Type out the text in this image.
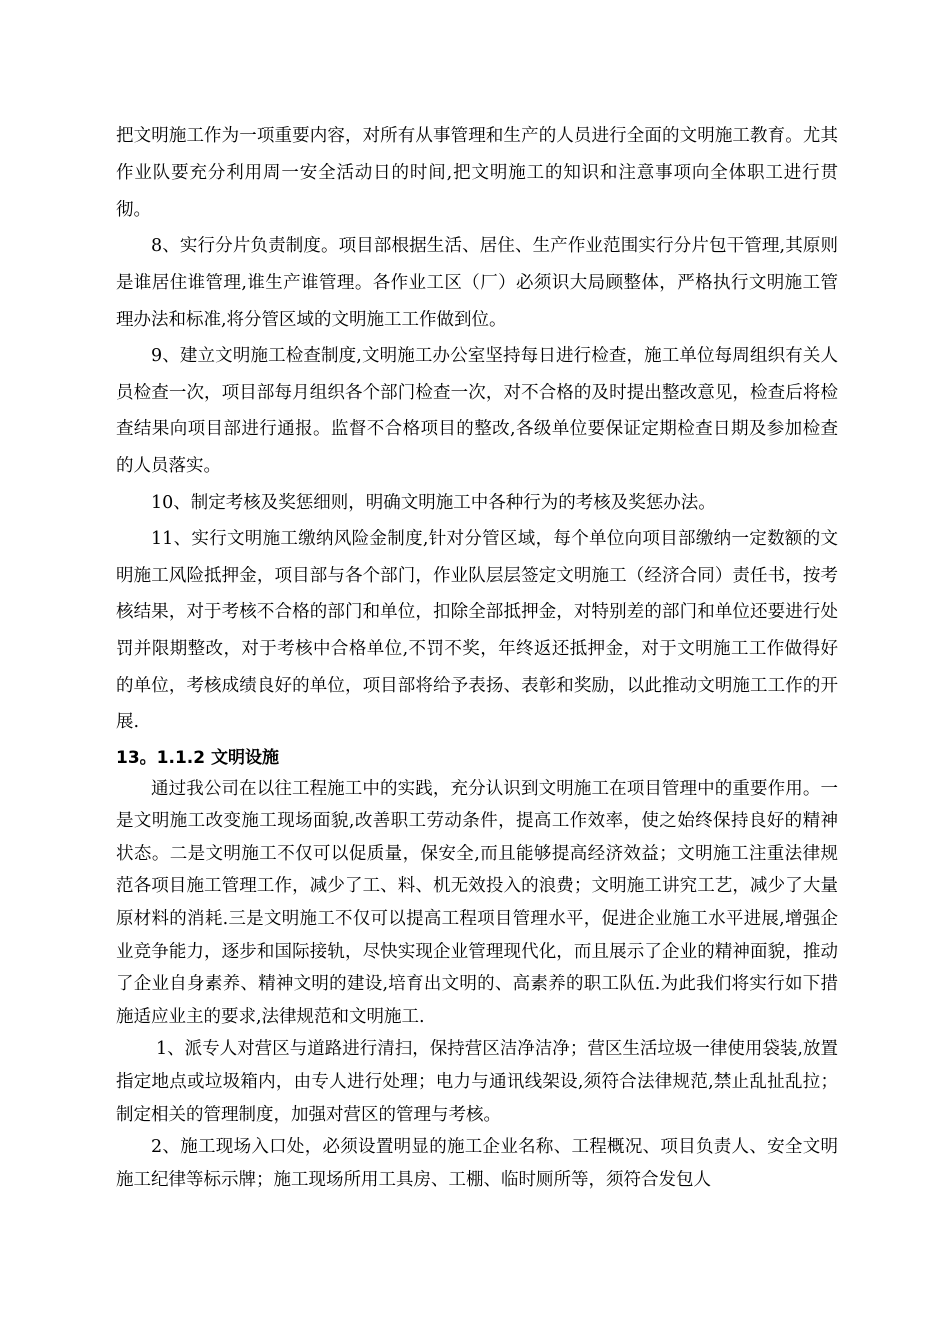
把文明施工作为一项重要内容，对所有从事管理和生产的人员进行全面的文明施工教育。尤其作业队要充分利用周一安全活动日的时间,把文明施工的知识和注意事项向全体职工进行贯彻。

8、实行分片负责制度。项目部根据生活、居住、生产作业范围实行分片包干管理,其原则是谁居住谁管理,谁生产谁管理。各作业工区（厂）必须识大局顾整体，严格执行文明施工管理办法和标准,将分管区域的文明施工工作做到位。

9、建立文明施工检查制度,文明施工办公室坚持每日进行检查，施工单位每周组织有关人员检查一次，项目部每月组织各个部门检查一次，对不合格的及时提出整改意见，检查后将检查结果向项目部进行通报。监督不合格项目的整改,各级单位要保证定期检查日期及参加检查的人员落实。

10、制定考核及奖惩细则，明确文明施工中各种行为的考核及奖惩办法。

11、实行文明施工缴纳风险金制度,针对分管区域，每个单位向项目部缴纳一定数额的文明施工风险抵押金，项目部与各个部门，作业队层层签定文明施工（经济合同）责任书，按考核结果，对于考核不合格的部门和单位，扣除全部抵押金，对特别差的部门和单位还要进行处罚并限期整改，对于考核中合格单位,不罚不奖，年终返还抵押金，对于文明施工工作做得好的单位，考核成绩良好的单位，项目部将给予表扬、表彰和奖励，以此推动文明施工工作的开展.

13。1.1.2 文明设施

通过我公司在以往工程施工中的实践，充分认识到文明施工在项目管理中的重要作用。一是文明施工改变施工现场面貌,改善职工劳动条件，提高工作效率，使之始终保持良好的精神状态。二是文明施工不仅可以促质量，保安全,而且能够提高经济效益；文明施工注重法律规范各项目施工管理工作，减少了工、料、机无效投入的浪费；文明施工讲究工艺，减少了大量原材料的消耗.三是文明施工不仅可以提高工程项目管理水平，促进企业施工水平进展,增强企业竞争能力，逐步和国际接轨，尽快实现企业管理现代化，而且展示了企业的精神面貌，推动了企业自身素养、精神文明的建设,培育出文明的、高素养的职工队伍.为此我们将实行如下措施适应业主的要求,法律规范和文明施工.

1、派专人对营区与道路进行清扫，保持营区洁净洁净；营区生活垃圾一律使用袋装,放置指定地点或垃圾箱内，由专人进行处理；电力与通讯线架设,须符合法律规范,禁止乱扯乱拉；制定相关的管理制度，加强对营区的管理与考核。

2、施工现场入口处，必须设置明显的施工企业名称、工程概况、项目负责人、安全文明施工纪律等标示牌；施工现场所用工具房、工棚、临时厕所等，须符合发包人
